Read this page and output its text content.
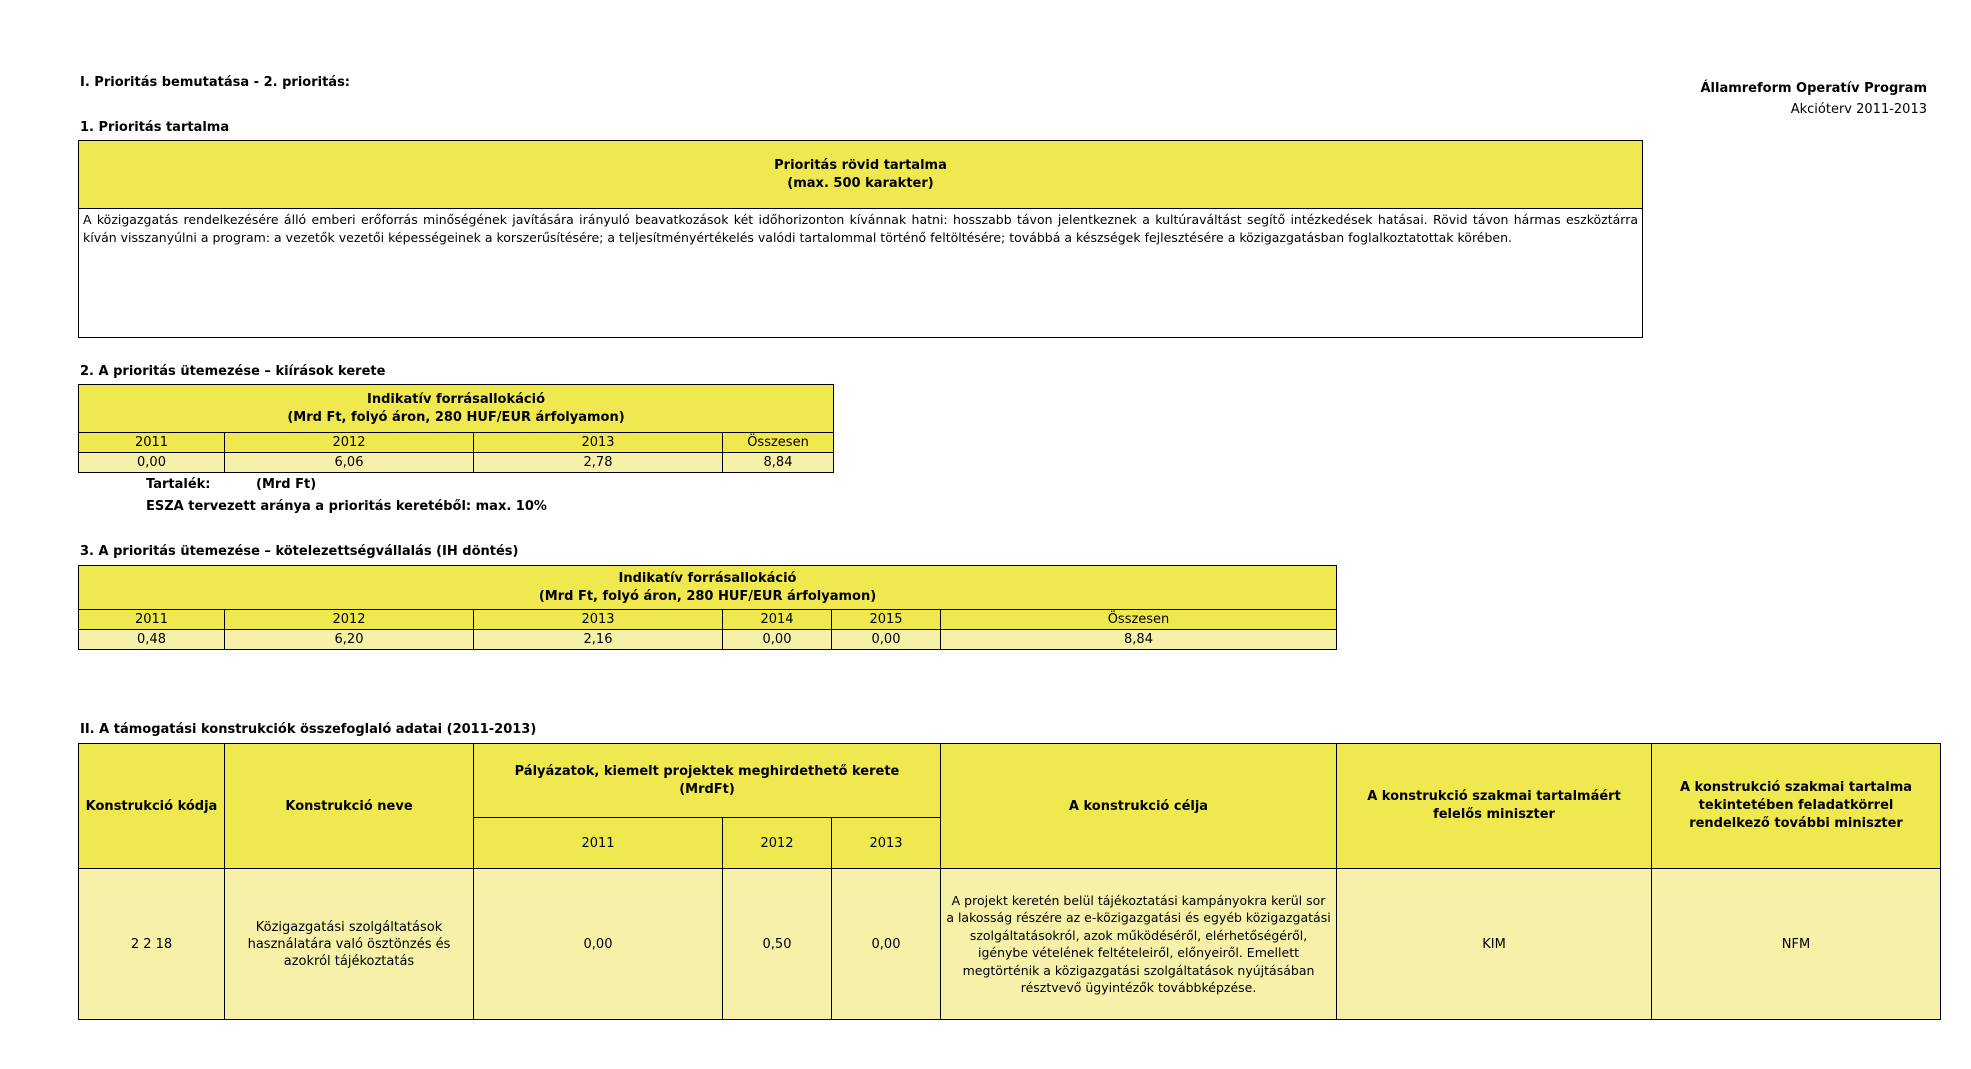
I. Prioritás bemutatása - 2. prioritás:	Államreform Operatív Program
Akcióterv 2011-2013
1. Prioritás tartalma
Prioritás rövid tartalma
(max. 500 karakter)
A közigazgatás rendelkezésére álló emberi erőforrás minőségének javítására irányuló beavatkozások két időhorizonton kívánnak hatni: hosszabb távon jelentkeznek a kultúraváltást segítő intézkedések hatásai. Rövid távon hármas eszköztárra kíván visszanyúlni a program: a vezetők vezetői képességeinek a korszerűsítésére; a teljesítményértékelés valódi tartalommal történő feltöltésére; továbbá a készségek fejlesztésére a közigazgatásban foglalkoztatottak körében.
2. A prioritás ütemezése – kiírások kerete
Indikatív forrásallokáció
(Mrd Ft, folyó áron, 280 HUF/EUR árfolyamon)			

2011	2012	2013	Összesen
0,00	6,06	2,78	8,84
Tartalék:	(Mrd Ft)
ESZA tervezett aránya a prioritás keretéből: max. 10%
3. A prioritás ütemezése – kötelezettségvállalás (IH döntés)
Indikatív forrásallokáció
(Mrd Ft, folyó áron, 280 HUF/EUR árfolyamon)					

2011	2012	2013	2014	2015	Összesen
0,48	6,20	2,16	0,00	0,00	8,84
II. A támogatási konstrukciók összefoglaló adatai (2011-2013)
Konstrukció kódja	Konstrukció neve	Pályázatok, kiemelt projektek meghirdethető kerete
(MrdFt)			A konstrukció célja	A konstrukció szakmai tartalmáért felelős miniszter	A konstrukció szakmai tartalma tekintetében feladatkörrel rendelkező további miniszter
		2011	2012	2013			
2 2 18	Közigazgatási szolgáltatások használatára való ösztönzés és azokról tájékoztatás	0,00	0,50	0,00	A projekt keretén belül tájékoztatási kampányokra kerül sor a lakosság részére az e-közigazgatási és egyéb közigazgatási szolgáltatásokról, azok működéséről, elérhetőségéről, igénybe vételének feltételeiről, előnyeiről. Emellett megtörténik a közigazgatási szolgáltatások nyújtásában résztvevő ügyintézők továbbképzése.	KIM	NFM
